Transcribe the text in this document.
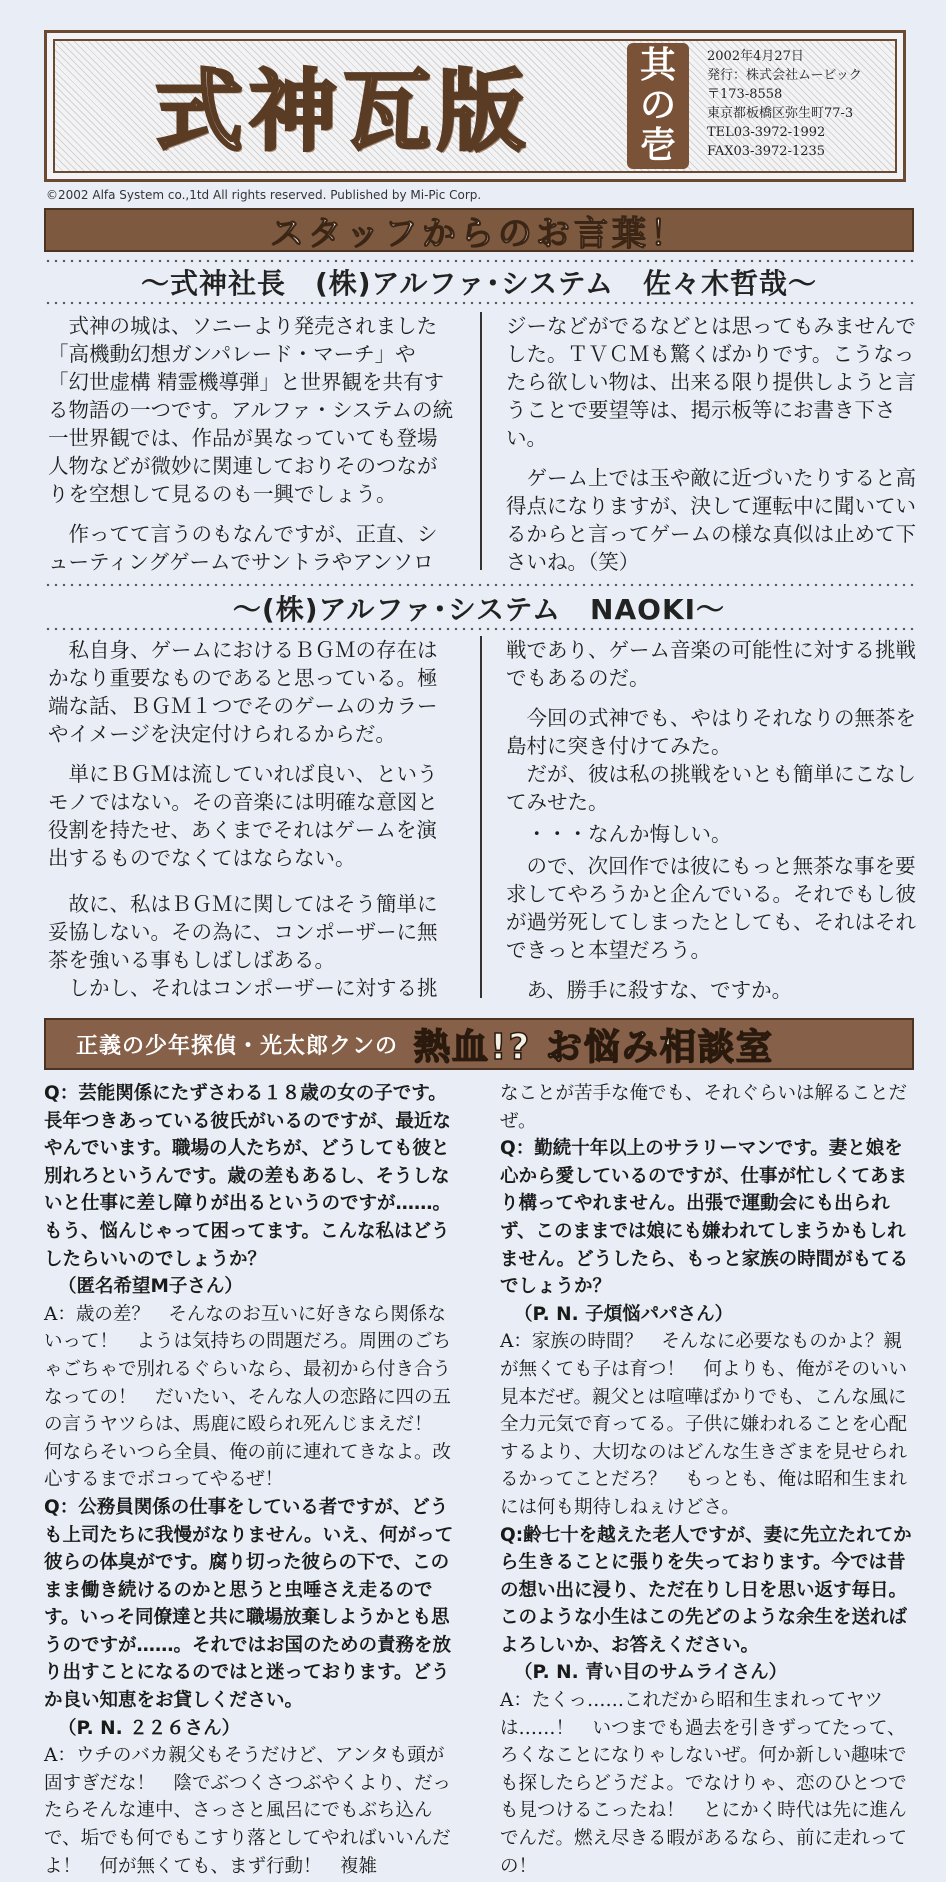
式神瓦版	其
の
壱
2002年4月27日
発行：株式会社ムービック
〒173-8558
東京都板橋区弥生町77-3
TEL03-3972-1992
FAX03-3972-1235
©2002 Alfa System co.,1td All rights reserved. Published by Mi-Pic Corp.
スタッフからのお言葉！
～式神社長　(株)アルファ･システム　佐々木哲哉～

式神の城は、ソニーより発売されました「高機動幻想ガンパレード・マーチ」や「幻世虚構 精霊機導弾」と世界観を共有する物語の一つです。アルファ・システムの統一世界観では、作品が異なっていても登場人物などが微妙に関連しておりそのつながりを空想して見るのも一興でしょう。

作ってて言うのもなんですが、正直、シューティングゲームでサントラやアンソロ

ジーなどがでるなどとは思ってもみませんでした。ＴＶＣＭも驚くばかりです。こうなったら欲しい物は、出来る限り提供しようと言うことで要望等は、掲示板等にお書き下さい。

ゲーム上では玉や敵に近づいたりすると高得点になりますが、決して運転中に聞いているからと言ってゲームの様な真似は止めて下さいね。（笑）

～(株)アルファ･システム　NAOKI～

私自身、ゲームにおけるＢＧＭの存在はかなり重要なものであると思っている。極端な話、ＢＧＭ１つでそのゲームのカラーやイメージを決定付けられるからだ。

単にＢＧＭは流していれば良い、というモノではない。その音楽には明確な意図と役割を持たせ、あくまでそれはゲームを演出するものでなくてはならない。

故に、私はＢＧＭに関してはそう簡単に妥協しない。その為に、コンポーザーに無茶を強いる事もしばしばある。

しかし、それはコンポーザーに対する挑

戦であり、ゲーム音楽の可能性に対する挑戦でもあるのだ。

今回の式神でも、やはりそれなりの無茶を島村に突き付けてみた。

だが、彼は私の挑戦をいとも簡単にこなしてみせた。

・・・なんか悔しい。

ので、次回作では彼にもっと無茶な事を要求してやろうかと企んでいる。それでもし彼が過労死してしまったとしても、それはそれできっと本望だろう。

あ、勝手に殺すな、ですか。

正義の少年探偵・光太郎クンの 熱血!? お悩み相談室
Q：芸能関係にたずさわる１８歳の女の子です。長年つきあっている彼氏がいるのですが、最近なやんでいます。職場の人たちが、どうしても彼と別れろというんです。歳の差もあるし、そうしないと仕事に差し障りが出るというのですが……。もう、悩んじゃって困ってます。こんな私はどうしたらいいのでしょうか？
（匿名希望M子さん）
A：歳の差？　そんなのお互いに好きなら関係ないって！　ようは気持ちの問題だろ。周囲のごちゃごちゃで別れるぐらいなら、最初から付き合うなっての！　だいたい、そんな人の恋路に四の五の言うヤツらは、馬鹿に殴られ死んじまえだ！　何ならそいつら全員、俺の前に連れてきなよ。改心するまでボコってやるぜ！
Q：公務員関係の仕事をしている者ですが、どうも上司たちに我慢がなりません。いえ、何がって彼らの体臭がです。腐り切った彼らの下で、このまま働き続けるのかと思うと虫唾さえ走るのです。いっそ同僚達と共に職場放棄しようかとも思うのですが……。それではお国のための責務を放り出すことになるのではと迷っております。どうか良い知恵をお貸しください。
（P. N. ２２６さん）
A：ウチのバカ親父もそうだけど、アンタも頭が固すぎだな！　陰でぶつくさつぶやくより、だったらそんな連中、さっさと風呂にでもぶち込んで、垢でも何でもこすり落としてやればいいんだよ！　何が無くても、まず行動！　複雑
なことが苦手な俺でも、それぐらいは解ることだぜ。
Q：勤続十年以上のサラリーマンです。妻と娘を心から愛しているのですが、仕事が忙しくてあまり構ってやれません。出張で運動会にも出られず、このままでは娘にも嫌われてしまうかもしれません。どうしたら、もっと家族の時間がもてるでしょうか？
（P. N. 子煩悩パパさん）
A：家族の時間？　そんなに必要なものかよ？親が無くても子は育つ！　何よりも、俺がそのいい見本だぜ。親父とは喧嘩ばかりでも、こんな風に全力元気で育ってる。子供に嫌われることを心配するより、大切なのはどんな生きざまを見せられるかってことだろ？　もっとも、俺は昭和生まれには何も期待しねぇけどさ。
Q:齢七十を越えた老人ですが、妻に先立たれてから生きることに張りを失っております。今では昔の想い出に浸り、ただ在りし日を思い返す毎日。このような小生はこの先どのような余生を送ればよろしいか、お答えください。
（P. N. 青い目のサムライさん）
A：たくっ……これだから昭和生まれってヤツは……！　いつまでも過去を引きずってたって、ろくなことになりゃしないぜ。何か新しい趣味でも探したらどうだよ。でなけりゃ、恋のひとつでも見つけるこったね！　とにかく時代は先に進んでんだ。燃え尽きる暇があるなら、前に走れっての！
